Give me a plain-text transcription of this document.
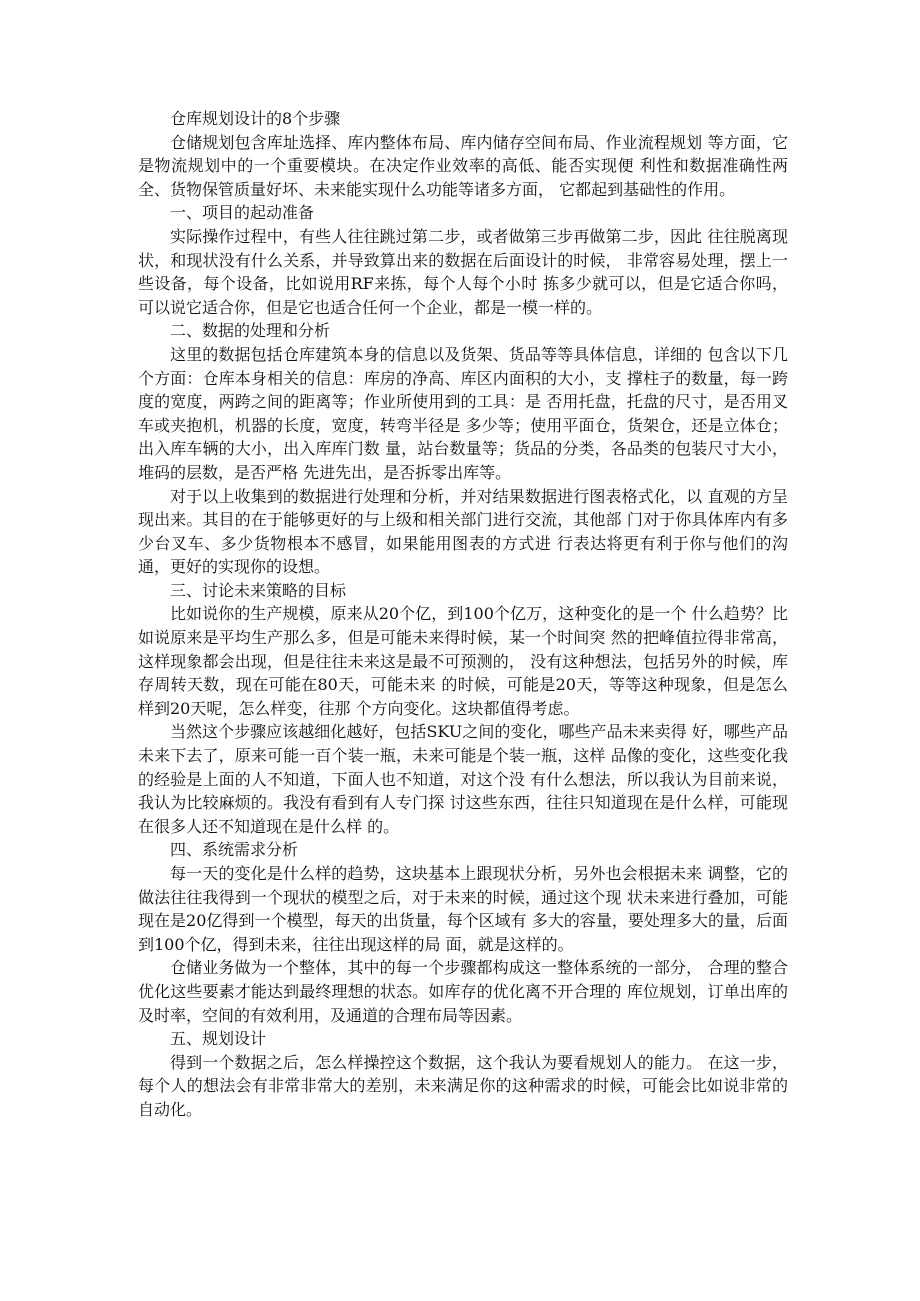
仓库规划设计的8个步骤

仓储规划包含库址选择、库内整体布局、库内储存空间布局、作业流程规划 等方面，它是物流规划中的一个重要模块。在决定作业效率的高低、能否实现便 利性和数据准确性两全、货物保管质量好坏、未来能实现什么功能等诸多方面， 它都起到基础性的作用。

一、项目的起动准备

实际操作过程中，有些人往往跳过第二步，或者做第三步再做第二步，因此 往往脱离现状，和现状没有什么关系，并导致算出来的数据在后面设计的时候， 非常容易处理，摆上一些设备，每个设备，比如说用RF来拣，每个人每个小时 拣多少就可以，但是它适合你吗，可以说它适合你，但是它也适合任何一个企业，都是一模一样的。

二、数据的处理和分析

这里的数据包括仓库建筑本身的信息以及货架、货品等等具体信息，详细的 包含以下几个方面：仓库本身相关的信息：库房的净高、库区内面积的大小，支 撑柱子的数量，每一跨度的宽度，两跨之间的距离等；作业所使用到的工具：是 否用托盘，托盘的尺寸，是否用叉车或夹抱机，机器的长度，宽度，转弯半径是 多少等；使用平面仓，货架仓，还是立体仓；出入库车辆的大小，出入库库门数 量，站台数量等；货品的分类，各品类的包装尺寸大小，堆码的层数，是否严格 先进先出，是否拆零出库等。

对于以上收集到的数据进行处理和分析，并对结果数据进行图表格式化，以 直观的方呈现出来。其目的在于能够更好的与上级和相关部门进行交流，其他部 门对于你具体库内有多少台叉车、多少货物根本不感冒，如果能用图表的方式进 行表达将更有利于你与他们的沟通，更好的实现你的设想。

三、讨论未来策略的目标

比如说你的生产规模，原来从20个亿，到100个亿万，这种变化的是一个 什么趋势？比如说原来是平均生产那么多，但是可能未来得时候，某一个时间突 然的把峰值拉得非常高，这样现象都会出现，但是往往未来这是最不可预测的， 没有这种想法，包括另外的时候，库存周转天数，现在可能在80天，可能未来 的时候，可能是20天，等等这种现象，但是怎么样到20天呢，怎么样变，往那 个方向变化。这块都值得考虑。

当然这个步骤应该越细化越好，包括SKU之间的变化，哪些产品未来卖得 好，哪些产品未来下去了，原来可能一百个装一瓶，未来可能是个装一瓶，这样 品像的变化，这些变化我的经验是上面的人不知道，下面人也不知道，对这个没 有什么想法，所以我认为目前来说，我认为比较麻烦的。我没有看到有人专门探 讨这些东西，往往只知道现在是什么样，可能现在很多人还不知道现在是什么样 的。

四、系统需求分析

每一天的变化是什么样的趋势，这块基本上跟现状分析，另外也会根据未来 调整，它的做法往往我得到一个现状的模型之后，对于未来的时候，通过这个现 状未来进行叠加，可能现在是20亿得到一个模型，每天的出货量，每个区域有 多大的容量，要处理多大的量，后面到100个亿，得到未来，往往出现这样的局 面，就是这样的。

仓储业务做为一个整体，其中的每一个步骤都构成这一整体系统的一部分， 合理的整合优化这些要素才能达到最终理想的状态。如库存的优化离不开合理的 库位规划，订单出库的及时率，空间的有效利用，及通道的合理布局等因素。

五、规划设计

得到一个数据之后，怎么样操控这个数据，这个我认为要看规划人的能力。 在这一步，每个人的想法会有非常非常大的差别，未来满足你的这种需求的时候，可能会比如说非常的自动化。
